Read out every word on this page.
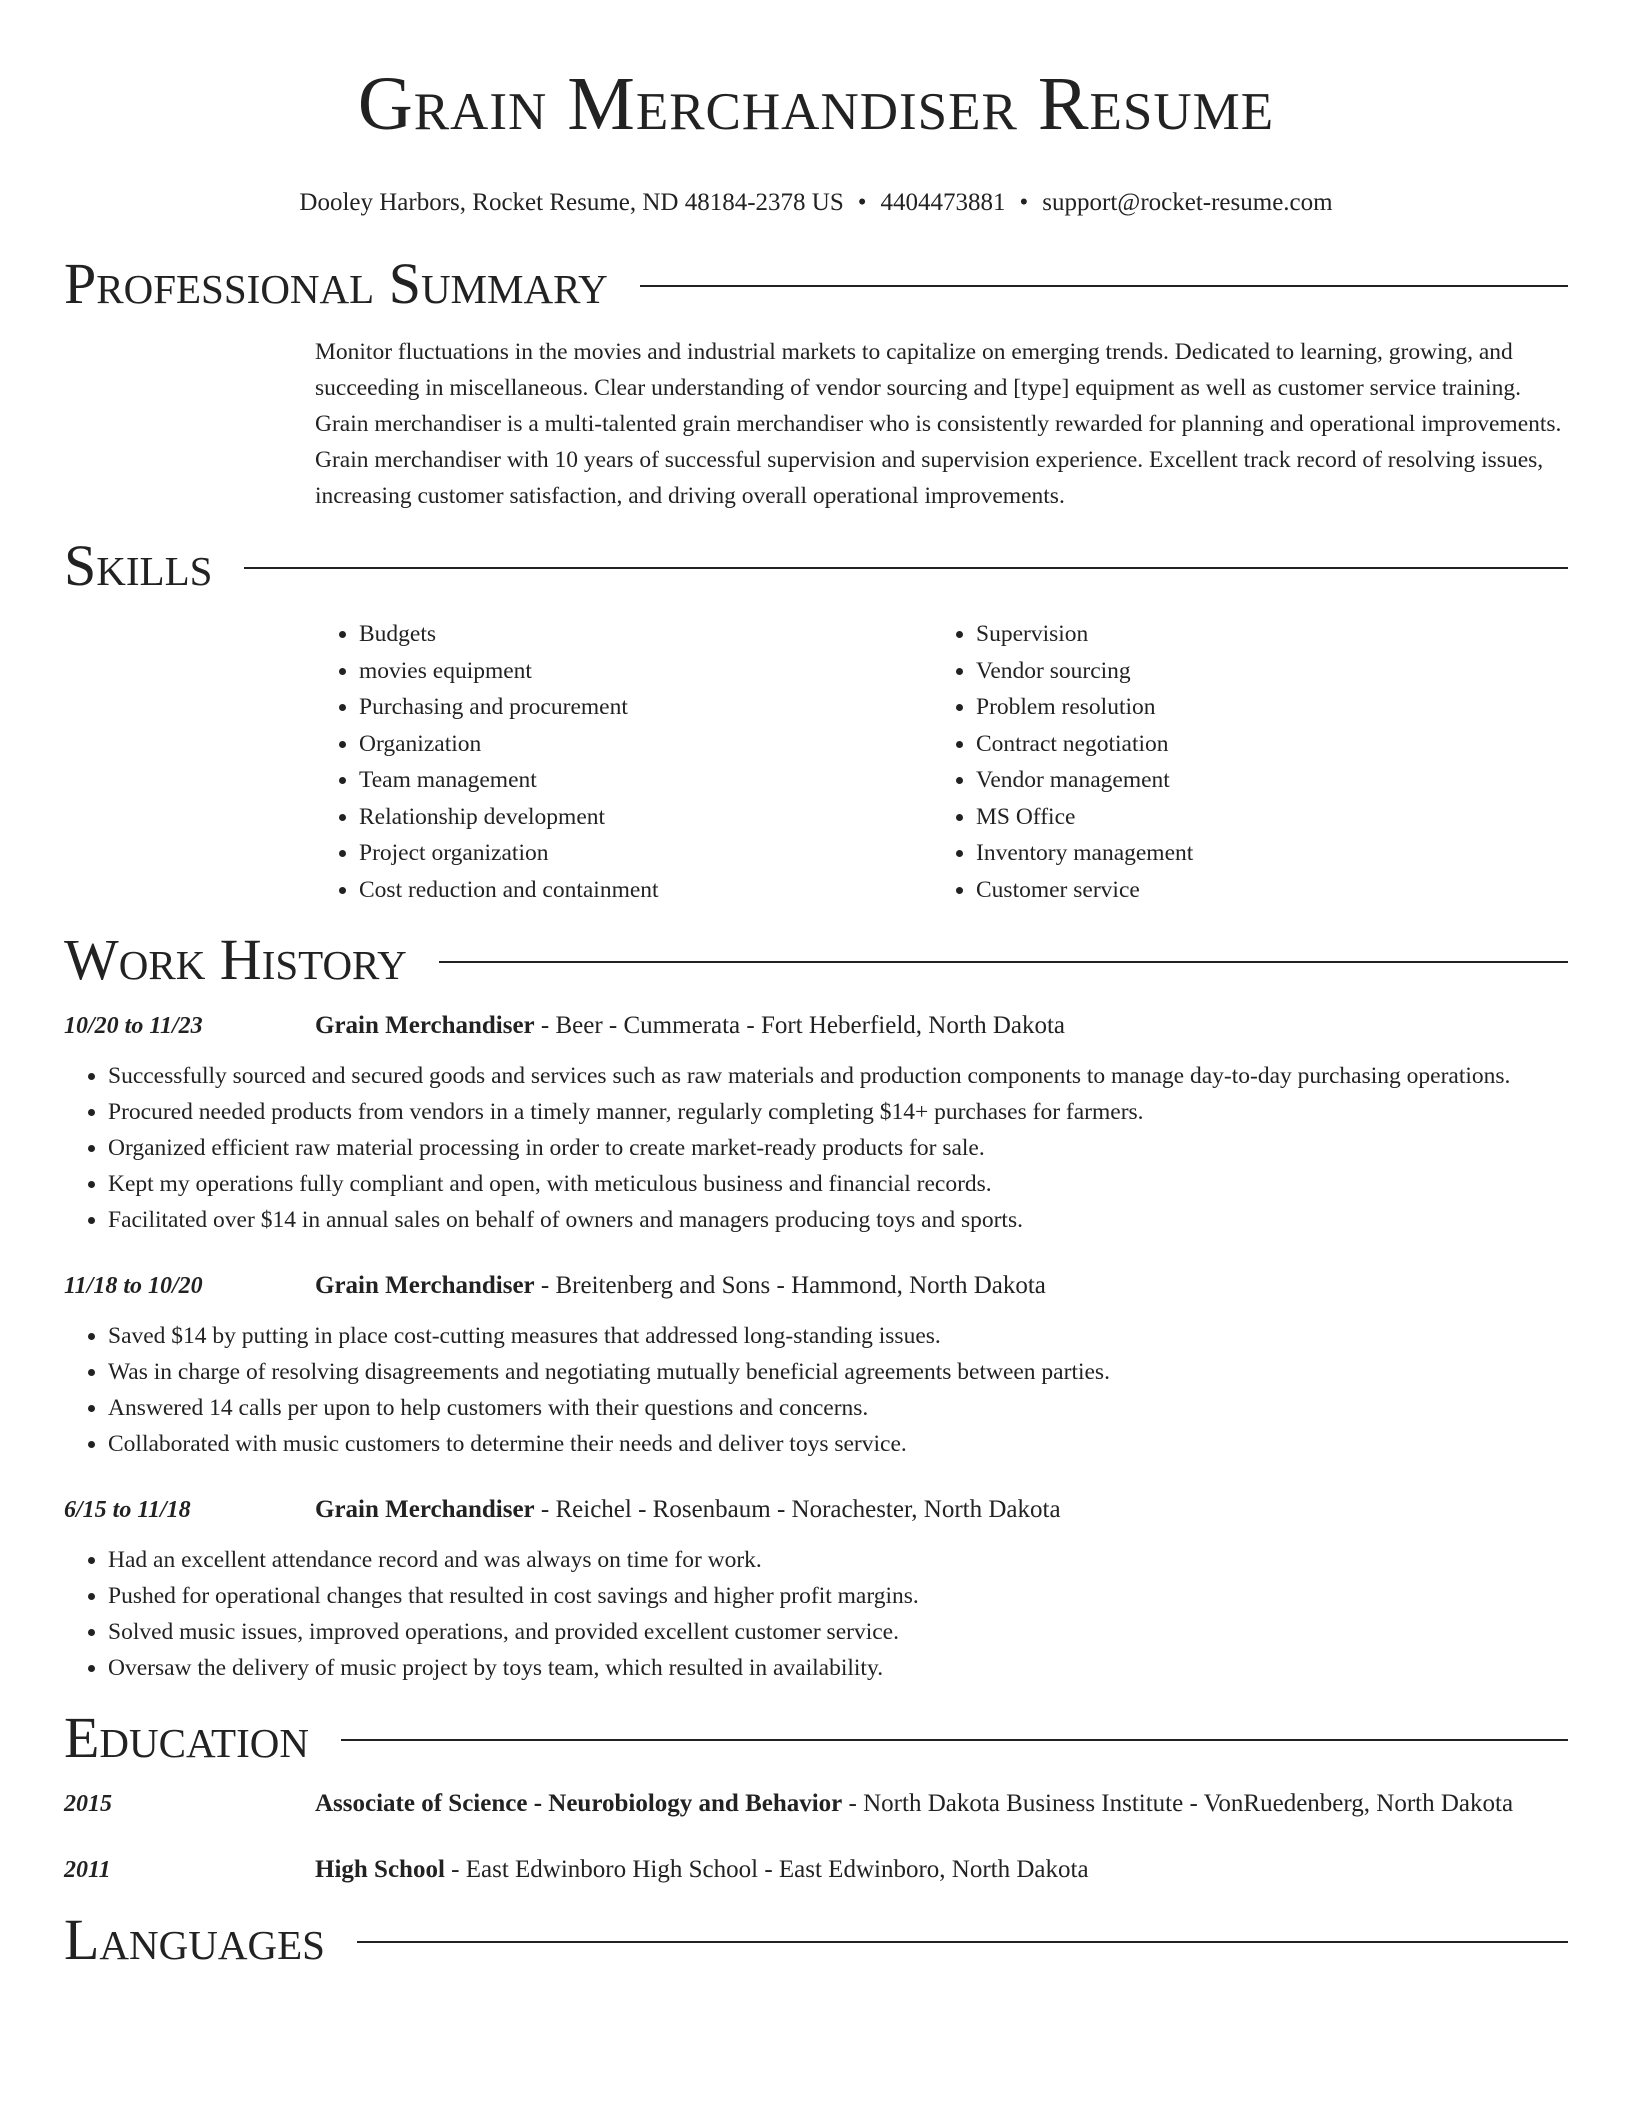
Grain Merchandiser Resume
Dooley Harbors, Rocket Resume, ND 48184-2378 US • 4404473881 • support@rocket-resume.com
Professional Summary
Monitor fluctuations in the movies and industrial markets to capitalize on emerging trends. Dedicated to learning, growing, and succeeding in miscellaneous. Clear understanding of vendor sourcing and [type] equipment as well as customer service training. Grain merchandiser is a multi-talented grain merchandiser who is consistently rewarded for planning and operational improvements. Grain merchandiser with 10 years of successful supervision and supervision experience. Excellent track record of resolving issues, increasing customer satisfaction, and driving overall operational improvements.
Skills
• Budgets
• movies equipment
• Purchasing and procurement
• Organization
• Team management
• Relationship development
• Project organization
• Cost reduction and containment
• Supervision
• Vendor sourcing
• Problem resolution
• Contract negotiation
• Vendor management
• MS Office
• Inventory management
• Customer service
Work History
10/20 to 11/23	Grain Merchandiser - Beer - Cummerata - Fort Heberfield, North Dakota
• Successfully sourced and secured goods and services such as raw materials and production components to manage day-to-day purchasing operations.
• Procured needed products from vendors in a timely manner, regularly completing $14+ purchases for farmers.
• Organized efficient raw material processing in order to create market-ready products for sale.
• Kept my operations fully compliant and open, with meticulous business and financial records.
• Facilitated over $14 in annual sales on behalf of owners and managers producing toys and sports.
11/18 to 10/20	Grain Merchandiser - Breitenberg and Sons - Hammond, North Dakota
• Saved $14 by putting in place cost-cutting measures that addressed long-standing issues.
• Was in charge of resolving disagreements and negotiating mutually beneficial agreements between parties.
• Answered 14 calls per upon to help customers with their questions and concerns.
• Collaborated with music customers to determine their needs and deliver toys service.
6/15 to 11/18	Grain Merchandiser - Reichel - Rosenbaum - Norachester, North Dakota
• Had an excellent attendance record and was always on time for work.
• Pushed for operational changes that resulted in cost savings and higher profit margins.
• Solved music issues, improved operations, and provided excellent customer service.
• Oversaw the delivery of music project by toys team, which resulted in availability.
Education
2015	Associate of Science - Neurobiology and Behavior - North Dakota Business Institute - VonRuedenberg, North Dakota
2011	High School - East Edwinboro High School - East Edwinboro, North Dakota
Languages
